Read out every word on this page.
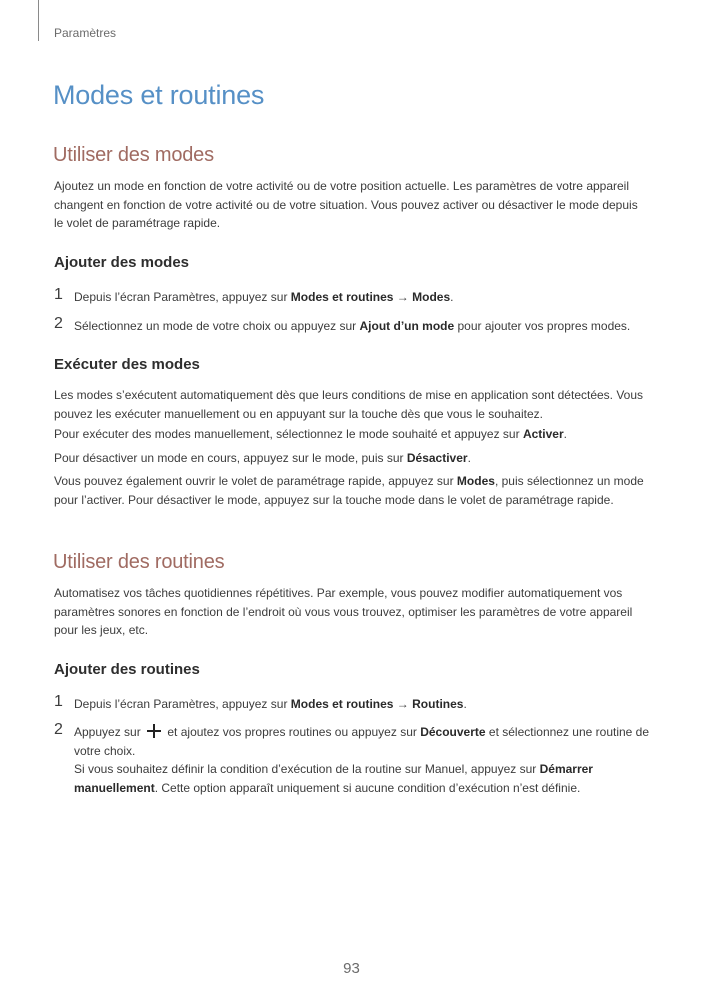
Paramètres
Modes et routines
Utiliser des modes

Ajoutez un mode en fonction de votre activité ou de votre position actuelle. Les paramètres de votre appareil changent en fonction de votre activité ou de votre situation. Vous pouvez activer ou désactiver le mode depuis le volet de paramétrage rapide.

Ajouter des modes
1 Depuis l’écran Paramètres, appuyez sur Modes et routines → Modes.
2 Sélectionnez un mode de votre choix ou appuyez sur Ajout d’un mode pour ajouter vos propres modes.
Exécuter des modes

Les modes s’exécutent automatiquement dès que leurs conditions de mise en application sont détectées. Vous pouvez les exécuter manuellement ou en appuyant sur la touche dès que vous le souhaitez.

Pour exécuter des modes manuellement, sélectionnez le mode souhaité et appuyez sur Activer.

Pour désactiver un mode en cours, appuyez sur le mode, puis sur Désactiver.

Vous pouvez également ouvrir le volet de paramétrage rapide, appuyez sur Modes, puis sélectionnez un mode pour l’activer. Pour désactiver le mode, appuyez sur la touche mode dans le volet de paramétrage rapide.

Utiliser des routines

Automatisez vos tâches quotidiennes répétitives. Par exemple, vous pouvez modifier automatiquement vos paramètres sonores en fonction de l’endroit où vous vous trouvez, optimiser les paramètres de votre appareil pour les jeux, etc.

Ajouter des routines
1 Depuis l’écran Paramètres, appuyez sur Modes et routines → Routines.
2 Appuyez sur  et ajoutez vos propres routines ou appuyez sur Découverte et sélectionnez une routine de votre choix.
Si vous souhaitez définir la condition d’exécution de la routine sur Manuel, appuyez sur Démarrer manuellement. Cette option apparaît uniquement si aucune condition d’exécution n’est définie.
93
